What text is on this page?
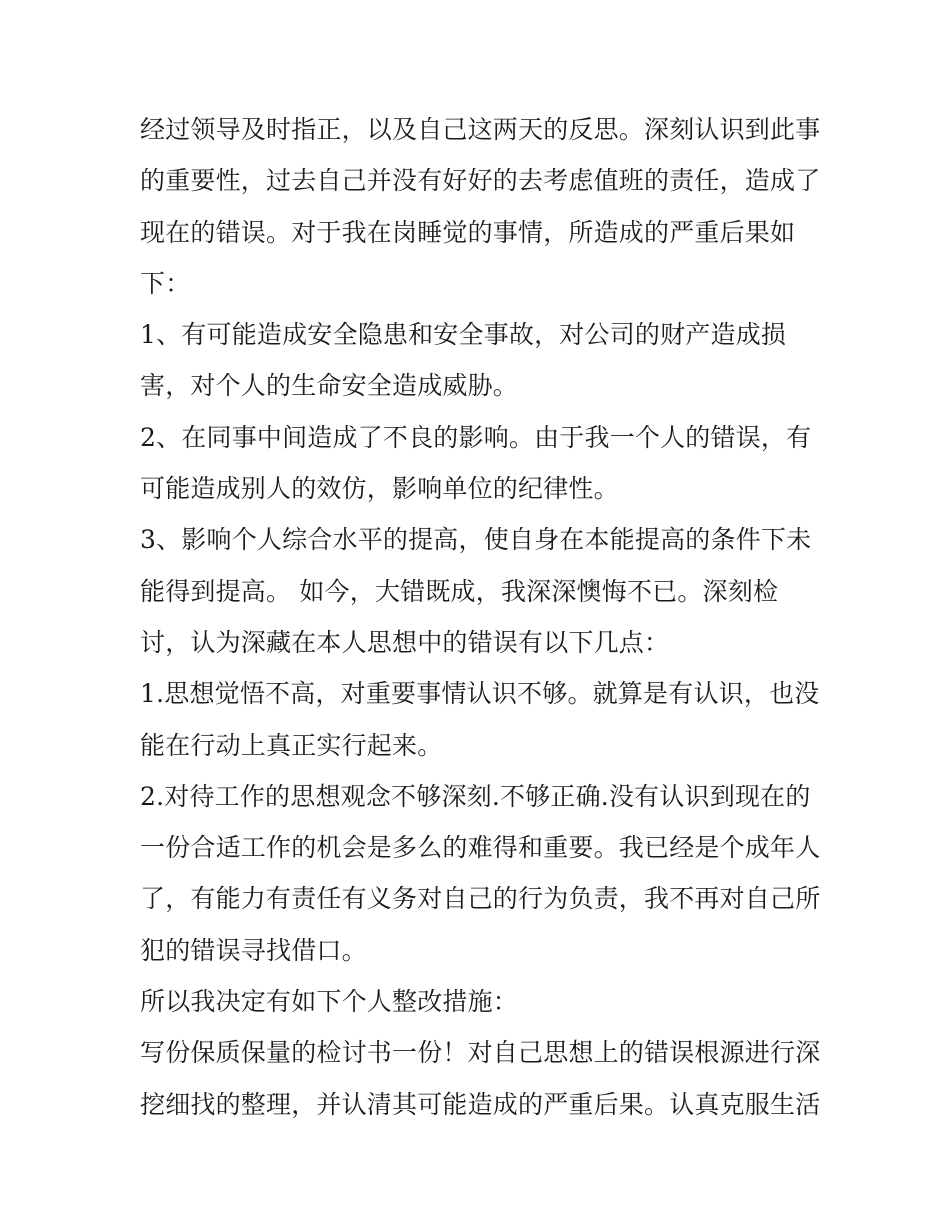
经过领导及时指正，以及自己这两天的反思。深刻认识到此事
的重要性，过去自己并没有好好的去考虑值班的责任，造成了
现在的错误。对于我在岗睡觉的事情，所造成的严重后果如
下：
1、有可能造成安全隐患和安全事故，对公司的财产造成损
害，对个人的生命安全造成威胁。
2、在同事中间造成了不良的影响。由于我一个人的错误，有
可能造成别人的效仿，影响单位的纪律性。
3、影响个人综合水平的提高，使自身在本能提高的条件下未
能得到提高。 如今，大错既成，我深深懊悔不已。深刻检
讨，认为深藏在本人思想中的错误有以下几点：
1.思想觉悟不高，对重要事情认识不够。就算是有认识，也没
能在行动上真正实行起来。
2.对待工作的思想观念不够深刻.不够正确.没有认识到现在的
一份合适工作的机会是多么的难得和重要。我已经是个成年人
了，有能力有责任有义务对自己的行为负责，我不再对自己所
犯的错误寻找借口。
所以我决定有如下个人整改措施：
写份保质保量的检讨书一份！对自己思想上的错误根源进行深
挖细找的整理，并认清其可能造成的严重后果。认真克服生活
